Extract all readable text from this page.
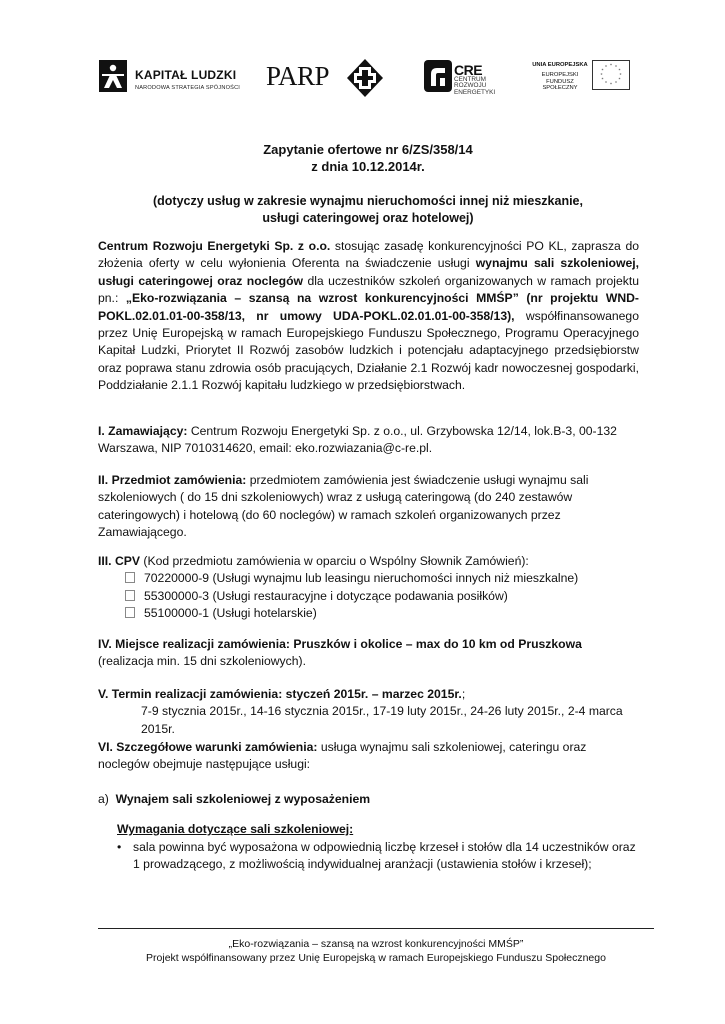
KAPITAŁ LUDZKI
NARODOWA STRATEGIA SPÓJNOŚCI PARP	CRE
CENTRUM
ROZWOJU
ENERGETYKI
UNIA EUROPEJSKA
EUROPEJSKI
FUNDUSZ SPOŁECZNY
* *
*
*
*
*
*
*
*
*
*
*

Zapytanie ofertowe nr 6/ZS/358/14

z dnia 10.12.2014r.

(dotyczy usług w zakresie wynajmu nieruchomości innej niż mieszkanie,

usługi cateringowej oraz hotelowej)

Centrum Rozwoju Energetyki Sp. z o.o. stosując zasadę konkurencyjności PO KL, zaprasza do złożenia oferty w celu wyłonienia Oferenta na świadczenie usługi wynajmu sali szkoleniowej, usługi cateringowej oraz noclegów dla uczestników szkoleń organizowanych w ramach projektu pn.: „Eko-rozwiązania – szansą na wzrost konkurencyjności MMŚP” (nr projektu WND-POKL.02.01.01-00-358/13, nr umowy UDA-POKL.02.01.01-00-358/13), współfinansowanego przez Unię Europejską w ramach Europejskiego Funduszu Społecznego, Programu Operacyjnego Kapitał Ludzki, Priorytet II Rozwój zasobów ludzkich i potencjału adaptacyjnego przedsiębiorstw oraz poprawa stanu zdrowia osób pracujących, Działanie 2.1 Rozwój kadr nowoczesnej gospodarki, Poddziałanie 2.1.1 Rozwój kapitału ludzkiego w przedsiębiorstwach.

I. Zamawiający: Centrum Rozwoju Energetyki Sp. z o.o., ul. Grzybowska 12/14, lok.B-3, 00-132 Warszawa, NIP 7010314620, email: eko.rozwiazania@c-re.pl.

II. Przedmiot zamówienia: przedmiotem zamówienia jest świadczenie usługi wynajmu sali szkoleniowych ( do 15 dni szkoleniowych) wraz z usługą cateringową (do 240 zestawów cateringowych) i hotelową (do 60 noclegów) w ramach szkoleń organizowanych przez Zamawiającego.

III. CPV (Kod przedmiotu zamówienia w oparciu o Wspólny Słownik Zamówień):
70220000-9 (Usługi wynajmu lub leasingu nieruchomości innych niż mieszkalne)
55300000-3 (Usługi restauracyjne i dotyczące podawania posiłków)
55100000-1 (Usługi hotelarskie)

IV. Miejsce realizacji zamówienia: Pruszków i okolice – max do 10 km od Pruszkowa (realizacja min. 15 dni szkoleniowych).

V. Termin realizacji zamówienia: styczeń 2015r. – marzec 2015r.;
7-9 stycznia 2015r., 14-16 stycznia 2015r., 17-19 luty 2015r., 24-26 luty 2015r., 2-4 marca 2015r.

VI. Szczegółowe warunki zamówienia: usługa wynajmu sali szkoleniowej, cateringu oraz noclegów obejmuje następujące usługi:

a) Wynajem sali szkoleniowej z wyposażeniem
Wymagania dotyczące sali szkoleniowej:
• sala powinna być wyposażona w odpowiednią liczbę krzeseł i stołów dla 14 uczestników oraz 1 prowadzącego, z możliwością indywidualnej aranżacji (ustawienia stołów i krzeseł);
„Eko-rozwiązania – szansą na wzrost konkurencyjności MMŚP”
Projekt współfinansowany przez Unię Europejską w ramach Europejskiego Funduszu Społecznego
